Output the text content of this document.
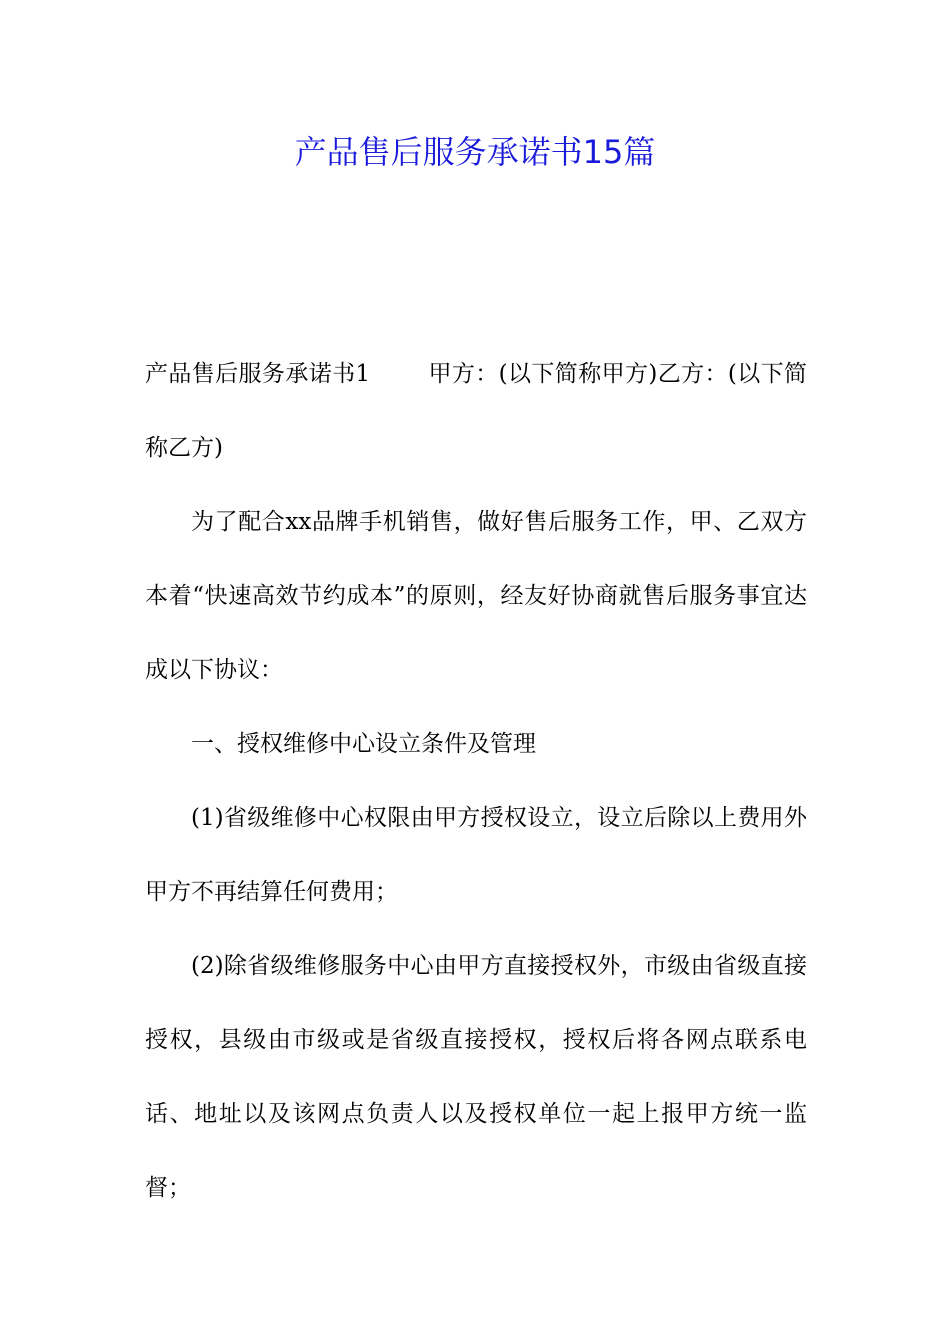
产品售后服务承诺书15篇

产品售后服务承诺书1	甲方：(以下简称甲方)乙方：(以下简称乙方)

为了配合xx品牌手机销售，做好售后服务工作，甲、乙双方本着“快速高效节约成本”的原则，经友好协商就售后服务事宜达成以下协议：

一、授权维修中心设立条件及管理

(1)省级维修中心权限由甲方授权设立，设立后除以上费用外甲方不再结算任何费用；

(2)除省级维修服务中心由甲方直接授权外，市级由省级直接授权，县级由市级或是省级直接授权，授权后将各网点联系电话、地址以及该网点负责人以及授权单位一起上报甲方统一监督；
